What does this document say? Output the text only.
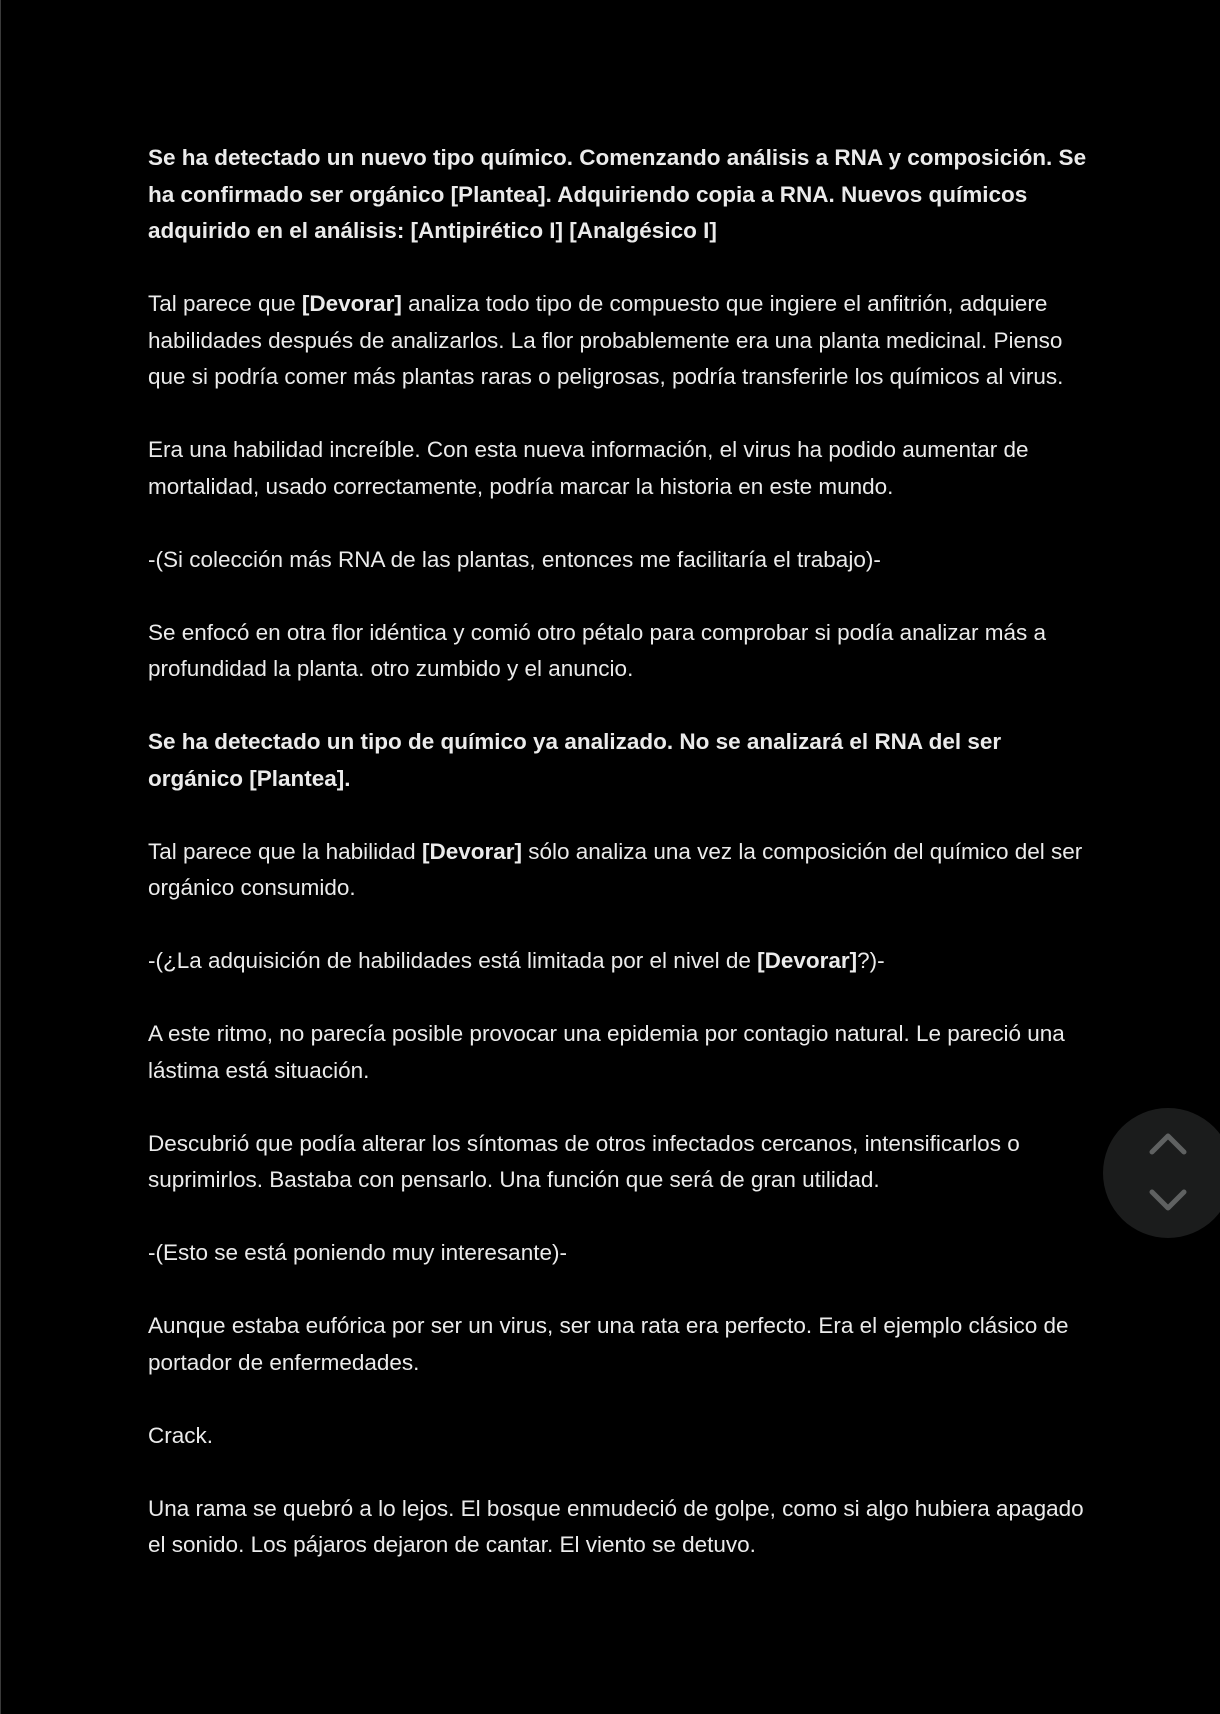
Se ha detectado un nuevo tipo químico. Comenzando análisis a RNA y composición. Se ha confirmado ser orgánico [Plantea]. Adquiriendo copia a RNA. Nuevos químicos adquirido en el análisis: [Antipirético I] [Analgésico I]

Tal parece que [Devorar] analiza todo tipo de compuesto que ingiere el anfitrión, adquiere habilidades después de analizarlos. La flor probablemente era una planta medicinal. Pienso que si podría comer más plantas raras o peligrosas, podría transferirle los químicos al virus.

Era una habilidad increíble. Con esta nueva información, el virus ha podido aumentar de mortalidad, usado correctamente, podría marcar la historia en este mundo.

-(Si colección más RNA de las plantas, entonces me facilitaría el trabajo)-

Se enfocó en otra flor idéntica y comió otro pétalo para comprobar si podía analizar más a profundidad la planta. otro zumbido y el anuncio.

Se ha detectado un tipo de químico ya analizado. No se analizará el RNA del ser orgánico [Plantea].

Tal parece que la habilidad [Devorar] sólo analiza una vez la composición del químico del ser orgánico consumido.

-(¿La adquisición de habilidades está limitada por el nivel de [Devorar]?)-

A este ritmo, no parecía posible provocar una epidemia por contagio natural. Le pareció una lástima está situación.

Descubrió que podía alterar los síntomas de otros infectados cercanos, intensificarlos o suprimirlos. Bastaba con pensarlo. Una función que será de gran utilidad.

-(Esto se está poniendo muy interesante)-

Aunque estaba eufórica por ser un virus, ser una rata era perfecto. Era el ejemplo clásico de portador de enfermedades.

Crack.

Una rama se quebró a lo lejos. El bosque enmudeció de golpe, como si algo hubiera apagado el sonido. Los pájaros dejaron de cantar. El viento se detuvo.
